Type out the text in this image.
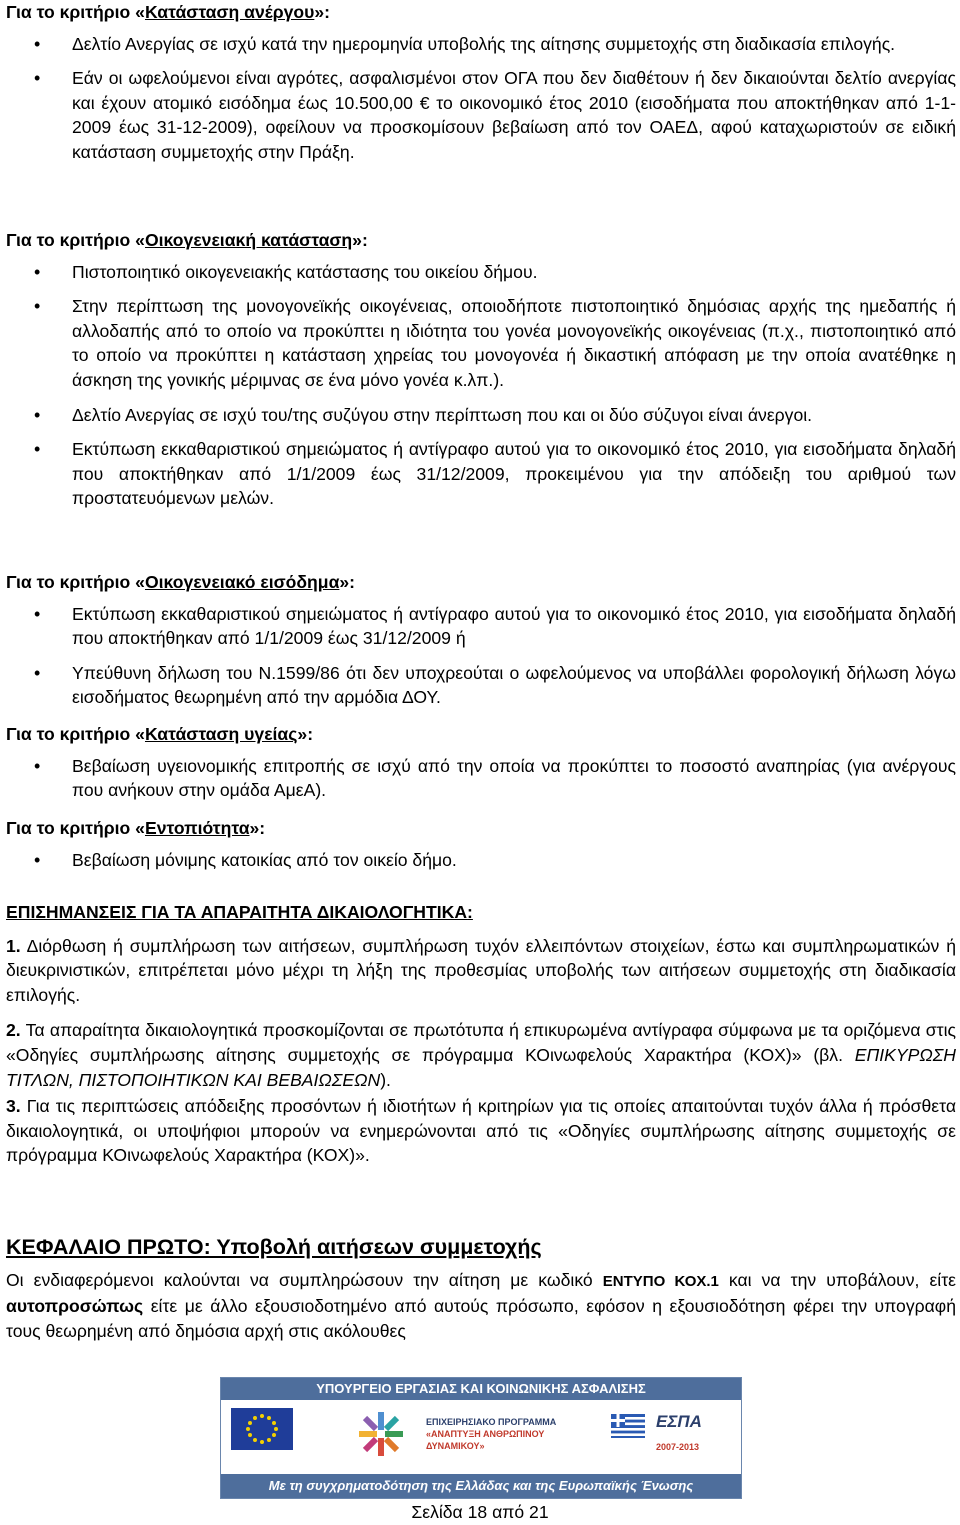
Για το κριτήριο «Κατάσταση ανέργου»:
• Δελτίο Ανεργίας σε ισχύ κατά την ημερομηνία υποβολής της αίτησης συμμετοχής στη διαδικασία επιλογής.
• Εάν οι ωφελούμενοι είναι αγρότες, ασφαλισμένοι στον ΟΓΑ που δεν διαθέτουν ή δεν δικαιούνται δελτίο ανεργίας και έχουν ατομικό εισόδημα έως 10.500,00 € το οικονομικό έτος 2010 (εισοδήματα που αποκτήθηκαν από 1-1-2009 έως 31-12-2009), οφείλουν να προσκομίσουν βεβαίωση από τον ΟΑΕΔ, αφού καταχωριστούν σε ειδική κατάσταση συμμετοχής στην Πράξη.
Για το κριτήριο «Οικογενειακή κατάσταση»:
• Πιστοποιητικό οικογενειακής κατάστασης του οικείου δήμου.
• Στην περίπτωση της μονογονεϊκής οικογένειας, οποιοδήποτε πιστοποιητικό δημόσιας αρχής της ημεδαπής ή αλλοδαπής από το οποίο να προκύπτει η ιδιότητα του γονέα μονογονεϊκής οικογένειας (π.χ., πιστοποιητικό από το οποίο να προκύπτει η κατάσταση χηρείας του μονογονέα ή δικαστική απόφαση με την οποία ανατέθηκε η άσκηση της γονικής μέριμνας σε ένα μόνο γονέα κ.λπ.).
• Δελτίο Ανεργίας σε ισχύ του/της συζύγου στην περίπτωση που και οι δύο σύζυγοι είναι άνεργοι.
• Εκτύπωση εκκαθαριστικού σημειώματος ή αντίγραφο αυτού για το οικονομικό έτος 2010, για εισοδήματα δηλαδή που αποκτήθηκαν από 1/1/2009 έως 31/12/2009, προκειμένου για την απόδειξη του αριθμού των προστατευόμενων μελών.
Για το κριτήριο «Οικογενειακό εισόδημα»:
• Εκτύπωση εκκαθαριστικού σημειώματος ή αντίγραφο αυτού για το οικονομικό έτος 2010, για εισοδήματα δηλαδή που αποκτήθηκαν από 1/1/2009 έως 31/12/2009 ή
• Υπεύθυνη δήλωση του Ν.1599/86 ότι δεν υποχρεούται ο ωφελούμενος να υποβάλλει φορολογική δήλωση λόγω εισοδήματος θεωρημένη από την αρμόδια ΔΟΥ.
Για το κριτήριο «Κατάσταση υγείας»:
• Βεβαίωση υγειονομικής επιτροπής σε ισχύ από την οποία να προκύπτει το ποσοστό αναπηρίας (για ανέργους που ανήκουν στην ομάδα ΑμεΑ).
Για το κριτήριο «Εντοπιότητα»:
• Βεβαίωση μόνιμης κατοικίας από τον οικείο δήμο.
ΕΠΙΣΗΜΑΝΣΕΙΣ ΓΙΑ ΤΑ ΑΠΑΡΑΙΤΗΤΑ ΔΙΚΑΙΟΛΟΓΗΤΙΚΑ:

1. Διόρθωση ή συμπλήρωση των αιτήσεων, συμπλήρωση τυχόν ελλειπόντων στοιχείων, έστω και συμπληρωματικών ή διευκρινιστικών, επιτρέπεται μόνο μέχρι τη λήξη της προθεσμίας υποβολής των αιτήσεων συμμετοχής στη διαδικασία επιλογής.

2. Τα απαραίτητα δικαιολογητικά προσκομίζονται σε πρωτότυπα ή επικυρωμένα αντίγραφα σύμφωνα με τα οριζόμενα στις «Οδηγίες συμπλήρωσης αίτησης συμμετοχής σε πρόγραμμα ΚΟινωφελούς Χαρακτήρα (ΚΟΧ)» (βλ. ΕΠΙΚΥΡΩΣΗ ΤΙΤΛΩΝ, ΠΙΣΤΟΠΟΙΗΤΙΚΩΝ ΚΑΙ ΒΕΒΑΙΩΣΕΩΝ).

3. Για τις περιπτώσεις απόδειξης προσόντων ή ιδιοτήτων ή κριτηρίων για τις οποίες απαιτούνται τυχόν άλλα ή πρόσθετα δικαιολογητικά, οι υποψήφιοι μπορούν να ενημερώνονται από τις «Οδηγίες συμπλήρωσης αίτησης συμμετοχής σε πρόγραμμα ΚΟινωφελούς Χαρακτήρα (ΚΟΧ)».

ΚΕΦΑΛΑΙΟ ΠΡΩΤΟ: Υποβολή αιτήσεων συμμετοχής

Οι ενδιαφερόμενοι καλούνται να συμπληρώσουν την αίτηση με κωδικό ΕΝΤΥΠΟ ΚΟΧ.1 και να την υποβάλουν, είτε αυτοπροσώπως είτε με άλλο εξουσιοδοτημένο από αυτούς πρόσωπο, εφόσον η εξουσιοδότηση φέρει την υπογραφή τους θεωρημένη από δημόσια αρχή στις ακόλουθες

ΥΠΟΥΡΓΕΙΟ ΕΡΓΑΣΙΑΣ ΚΑΙ ΚΟΙΝΩΝΙΚΗΣ ΑΣΦΑΛΙΣΗΣ
ΕΠΙΧΕΙΡΗΣΙΑΚΟ ΠΡΟΓΡΑΜΜΑ
«ΑΝΑΠΤΥΞΗ ΑΝΘΡΩΠΙΝΟΥ ΔΥΝΑΜΙΚΟΥ»
ΕΣΠΑ
2007-2013
Με τη συγχρηματοδότηση της Ελλάδας και της Ευρωπαϊκής Ένωσης
Σελίδα 18 από 21
